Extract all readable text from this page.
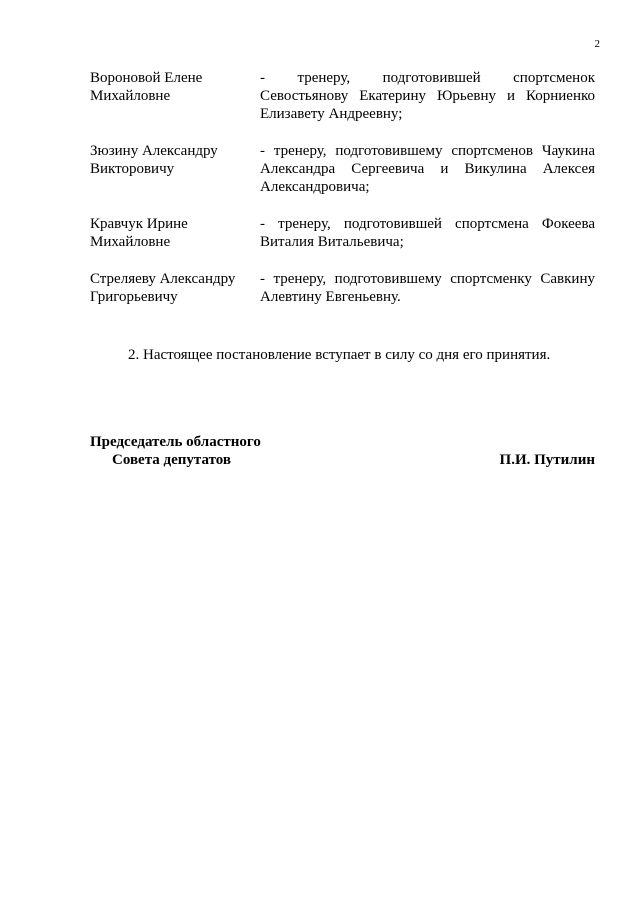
2
Вороновой Елене
Михайловне
- тренеру, подготовившей спортсменок Севостьянову Екатерину Юрьевну и Корниенко Елизавету Андреевну;
Зюзину Александру
Викторовичу
- тренеру, подготовившему спортсменов Чаукина Александра Сергеевича и Викулина Алексея Александровича;
Кравчук Ирине
Михайловне
- тренеру, подготовившей спортсмена Фокеева Виталия Витальевича;
Стреляеву Александру
Григорьевичу
- тренеру, подготовившему спортсменку Савкину Алевтину Евгеньевну.
2. Настоящее постановление вступает в силу со дня его принятия.
Председатель областного
Совета депутатов	П.И. Путилин
